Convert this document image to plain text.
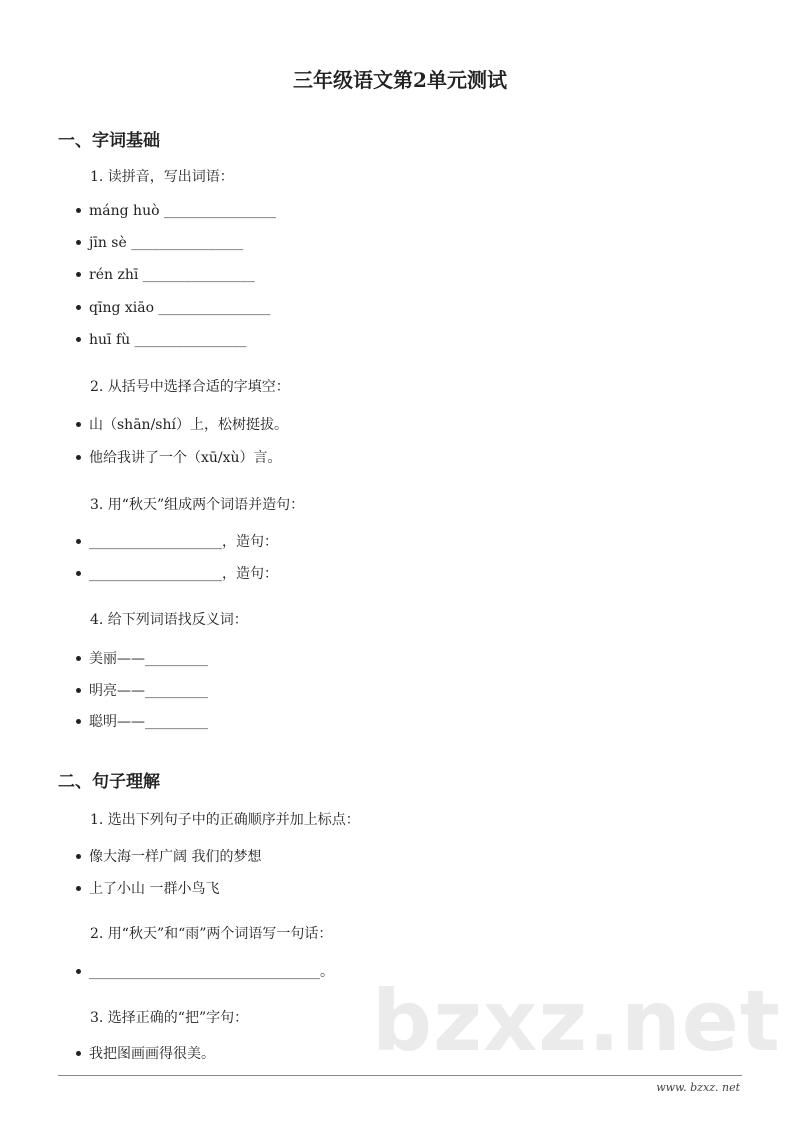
bzxz.net
三年级语文第2单元测试
一、字词基础
1. 读拼音，写出词语：
máng huò ________________
jīn sè ________________
rén zhī ________________
qīng xiāo ________________
huī fù ________________
2. 从括号中选择合适的字填空：
山（shān/shí）上，松树挺拔。
他给我讲了一个（xū/xù）言。
3. 用“秋天”组成两个词语并造句：
___________________，造句：
___________________，造句：
4. 给下列词语找反义词：
美丽——_________
明亮——_________
聪明——_________
二、句子理解
1. 选出下列句子中的正确顺序并加上标点：
像大海一样广阔 我们的梦想
上了小山 一群小鸟飞
2. 用“秋天”和“雨”两个词语写一句话：
_________________________________。
3. 选择正确的“把”字句：
我把图画画得很美。
www. bzxz. net
